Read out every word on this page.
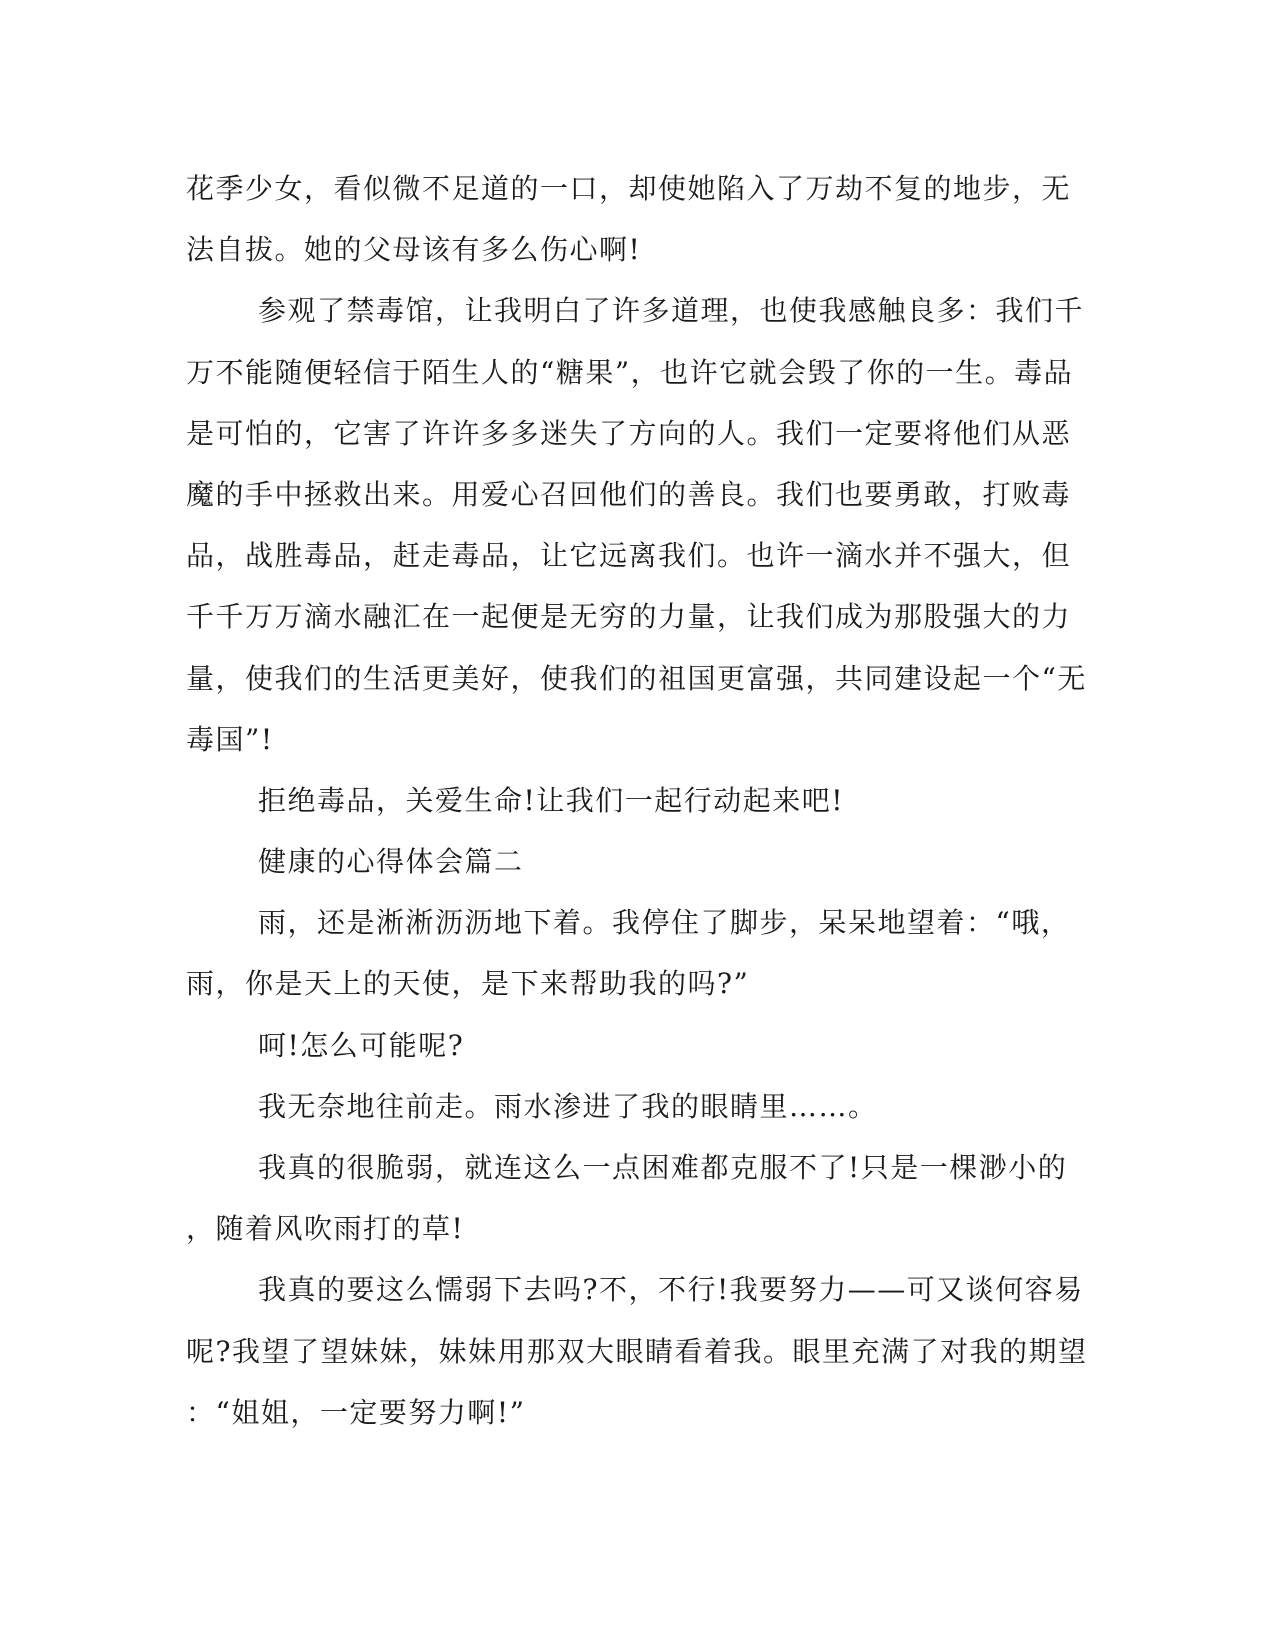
花季少女，看似微不足道的一口，却使她陷入了万劫不复的地步，无
法自拔。她的父母该有多么伤心啊!
参观了禁毒馆，让我明白了许多道理，也使我感触良多：我们千
万不能随便轻信于陌生人的“糖果”，也许它就会毁了你的一生。毒品
是可怕的，它害了许许多多迷失了方向的人。我们一定要将他们从恶
魔的手中拯救出来。用爱心召回他们的善良。我们也要勇敢，打败毒
品，战胜毒品，赶走毒品，让它远离我们。也许一滴水并不强大，但
千千万万滴水融汇在一起便是无穷的力量，让我们成为那股强大的力
量，使我们的生活更美好，使我们的祖国更富强，共同建设起一个“无
毒国”!
拒绝毒品，关爱生命!让我们一起行动起来吧!
健康的心得体会篇二
雨，还是淅淅沥沥地下着。我停住了脚步，呆呆地望着：“哦，
雨，你是天上的天使，是下来帮助我的吗?”
呵!怎么可能呢?
我无奈地往前走。雨水渗进了我的眼睛里……。
我真的很脆弱，就连这么一点困难都克服不了!只是一棵渺小的
，随着风吹雨打的草!
我真的要这么懦弱下去吗?不，不行!我要努力——可又谈何容易
呢?我望了望妹妹，妹妹用那双大眼睛看着我。眼里充满了对我的期望
：“姐姐，一定要努力啊!”
